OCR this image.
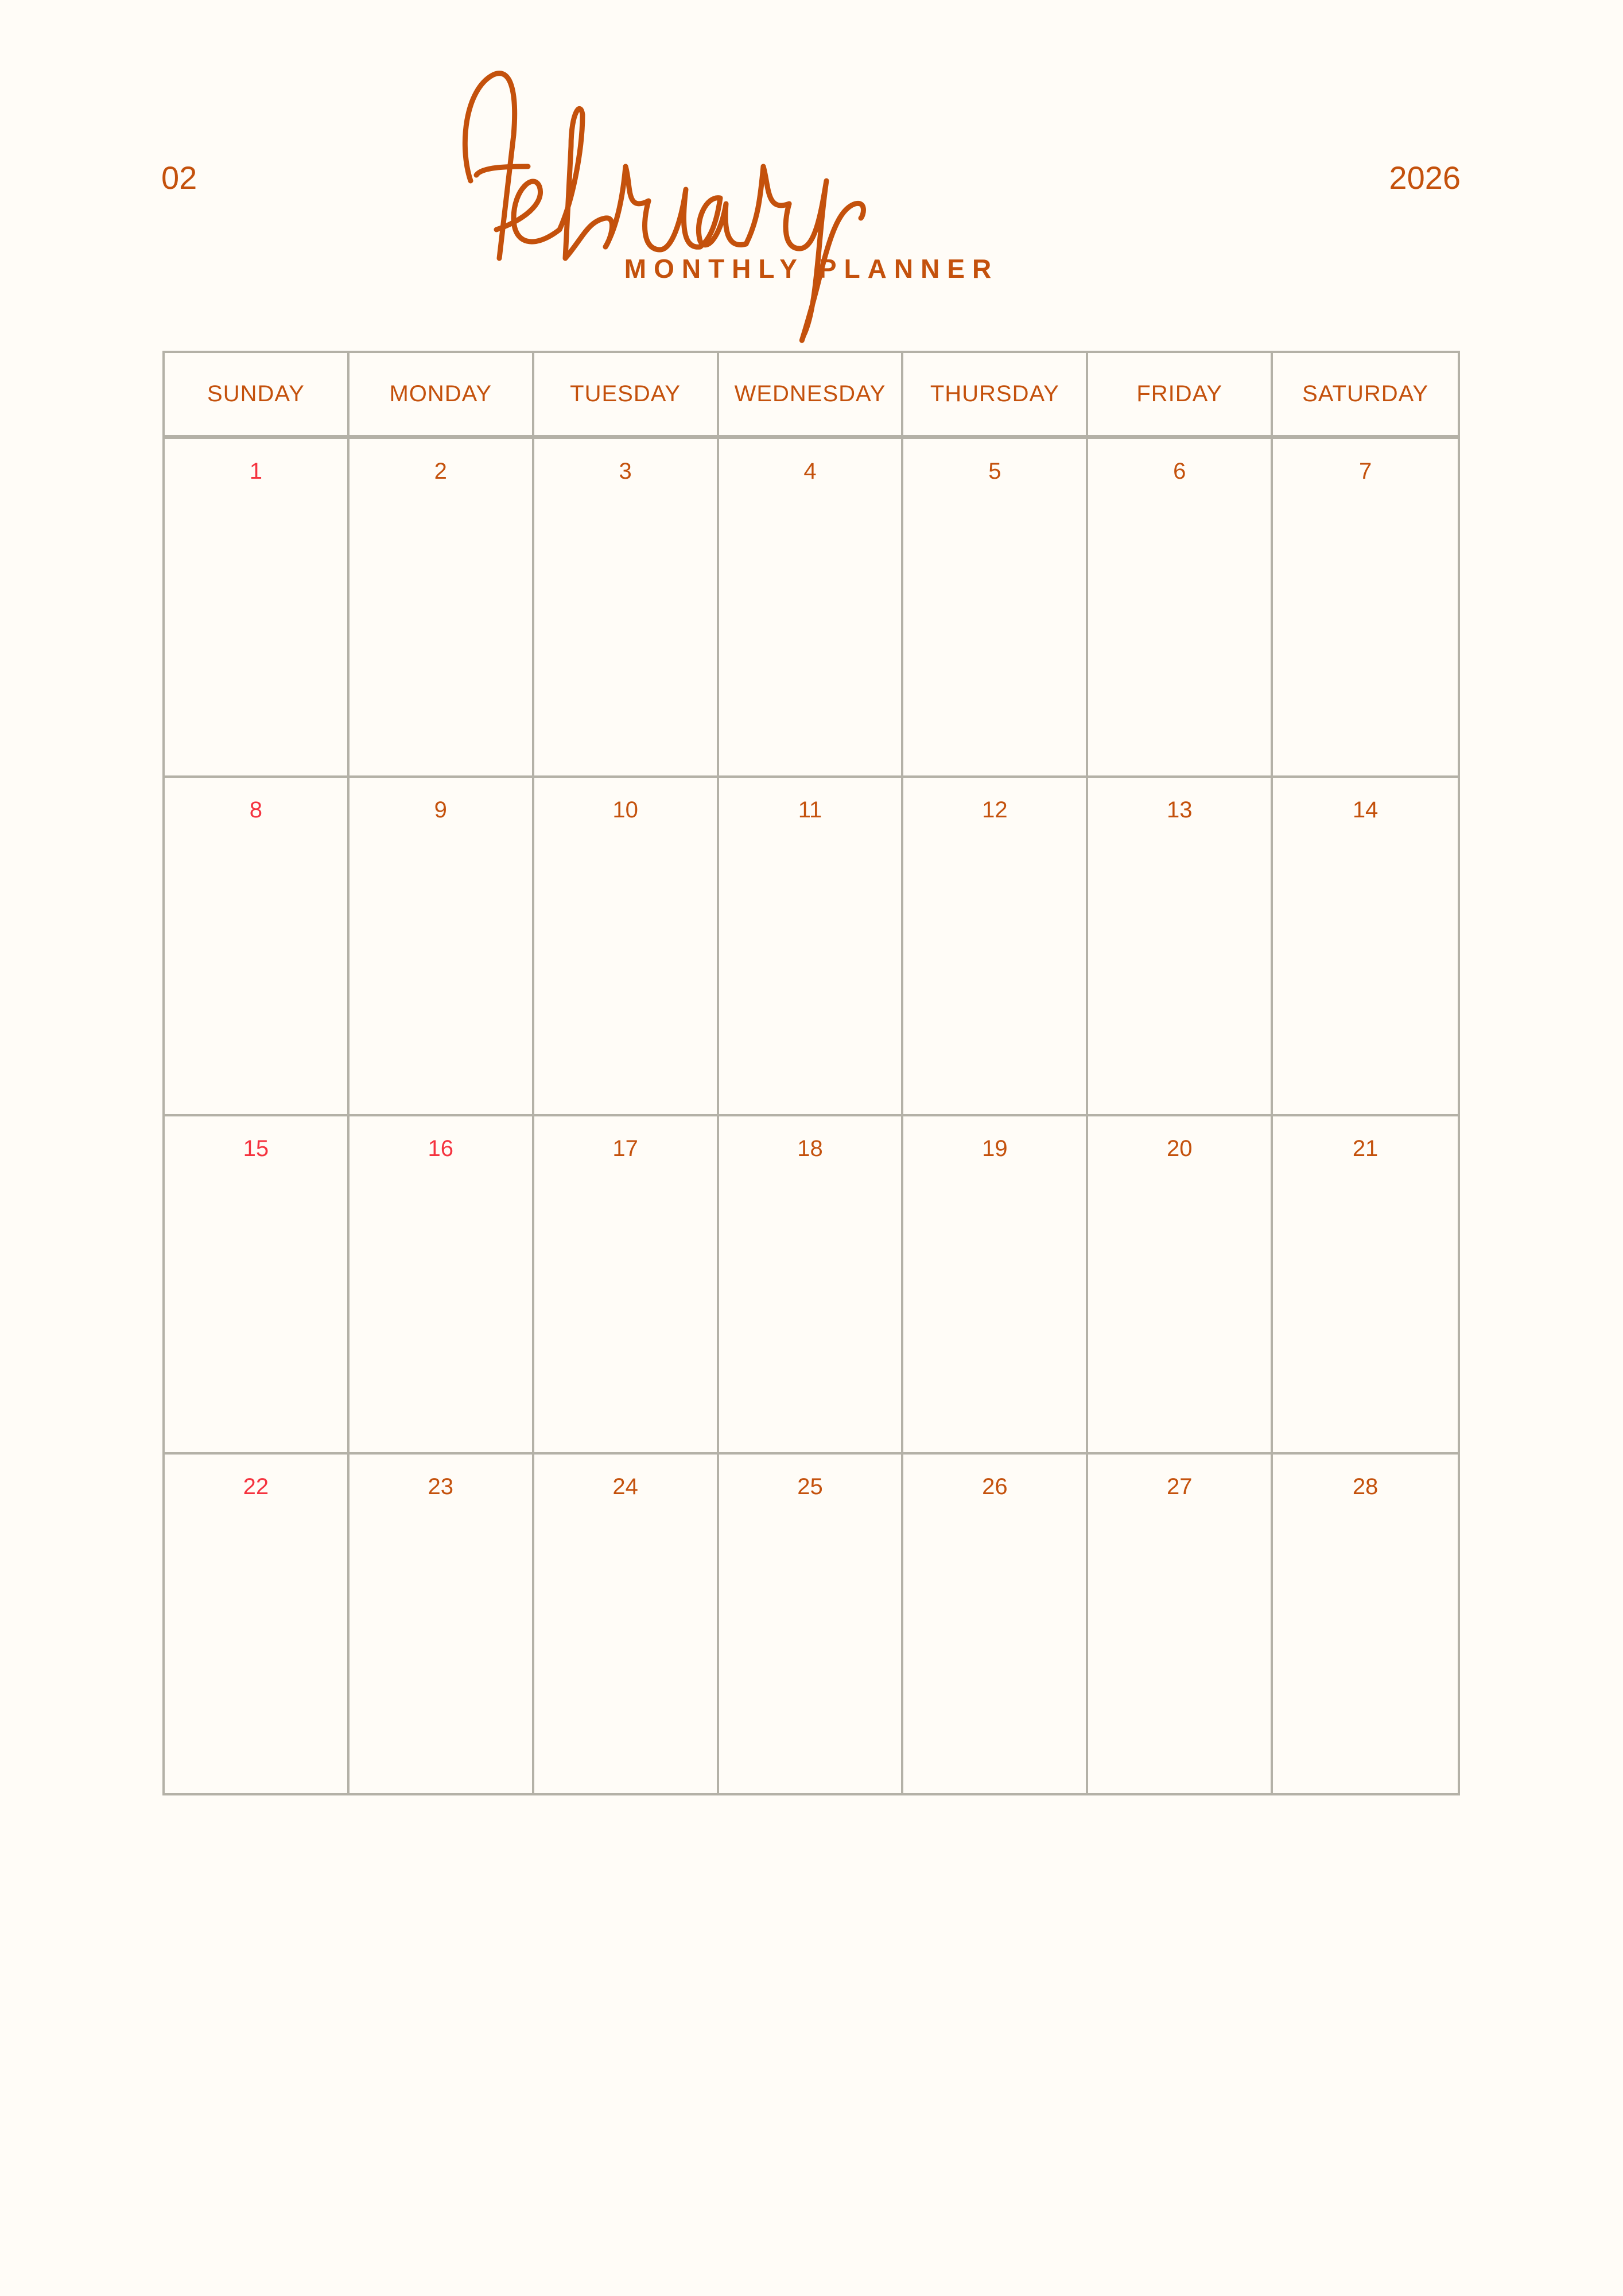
02	2026
MONTHLY PLANNER
SUNDAY	MONDAY	TUESDAY	WEDNESDAY	THURSDAY	FRIDAY	SATURDAY
1	2	3	4	5	6	7
8	9	10	11	12	13	14
15	16	17	18	19	20	21
22	23	24	25	26	27	28
